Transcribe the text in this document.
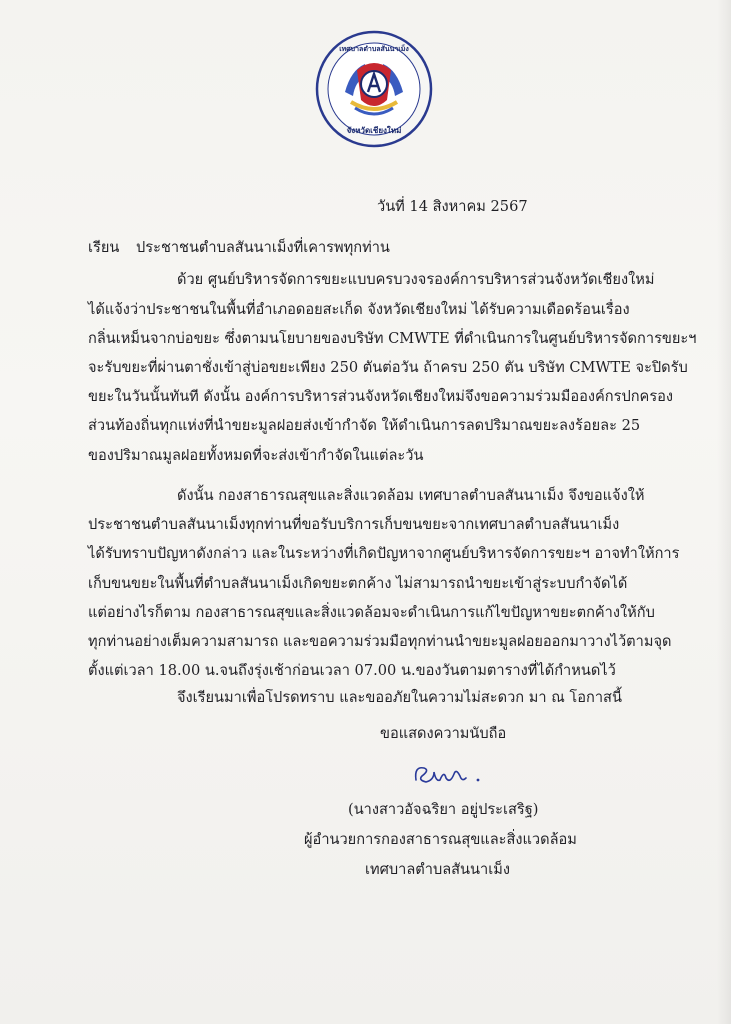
เทศบาลตำบลสันนาเม็ง
จังหวัดเชียงใหม่
วันที่ 14 สิงหาคม 2567
เรียน ประชาชนตำบลสันนาเม็งที่เคารพทุกท่าน
ด้วย ศูนย์บริหารจัดการขยะแบบครบวงจรองค์การบริหารส่วนจังหวัดเชียงใหม่
ได้แจ้งว่าประชาชนในพื้นที่อำเภอดอยสะเก็ด จังหวัดเชียงใหม่ ได้รับความเดือดร้อนเรื่อง
กลิ่นเหม็นจากบ่อขยะ ซึ่งตามนโยบายของบริษัท CMWTE ที่ดำเนินการในศูนย์บริหารจัดการขยะฯ
จะรับขยะที่ผ่านตาชั่งเข้าสู่บ่อขยะเพียง 250 ตันต่อวัน ถ้าครบ 250 ตัน บริษัท CMWTE จะปิดรับ
ขยะในวันนั้นทันที ดังนั้น องค์การบริหารส่วนจังหวัดเชียงใหม่จึงขอความร่วมมือองค์กรปกครอง
ส่วนท้องถิ่นทุกแห่งที่นำขยะมูลฝอยส่งเข้ากำจัด ให้ดำเนินการลดปริมาณขยะลงร้อยละ 25
ของปริมาณมูลฝอยทั้งหมดที่จะส่งเข้ากำจัดในแต่ละวัน
ดังนั้น กองสาธารณสุขและสิ่งแวดล้อม เทศบาลตำบลสันนาเม็ง จึงขอแจ้งให้
ประชาชนตำบลสันนาเม็งทุกท่านที่ขอรับบริการเก็บขนขยะจากเทศบาลตำบลสันนาเม็ง
ได้รับทราบปัญหาดังกล่าว และในระหว่างที่เกิดปัญหาจากศูนย์บริหารจัดการขยะฯ อาจทำให้การ
เก็บขนขยะในพื้นที่ตำบลสันนาเม็งเกิดขยะตกค้าง ไม่สามารถนำขยะเข้าสู่ระบบกำจัดได้
แต่อย่างไรก็ตาม กองสาธารณสุขและสิ่งแวดล้อมจะดำเนินการแก้ไขปัญหาขยะตกค้างให้กับ
ทุกท่านอย่างเต็มความสามารถ และขอความร่วมมือทุกท่านนำขยะมูลฝอยออกมาวางไว้ตามจุด
ตั้งแต่เวลา 18.00 น.จนถึงรุ่งเช้าก่อนเวลา 07.00 น.ของวันตามตารางที่ได้กำหนดไว้
จึงเรียนมาเพื่อโปรดทราบ และขออภัยในความไม่สะดวก มา ณ โอกาสนี้
ขอแสดงความนับถือ
(นางสาวอัจฉริยา อยู่ประเสริฐ)
ผู้อำนวยการกองสาธารณสุขและสิ่งแวดล้อม
เทศบาลตำบลสันนาเม็ง
